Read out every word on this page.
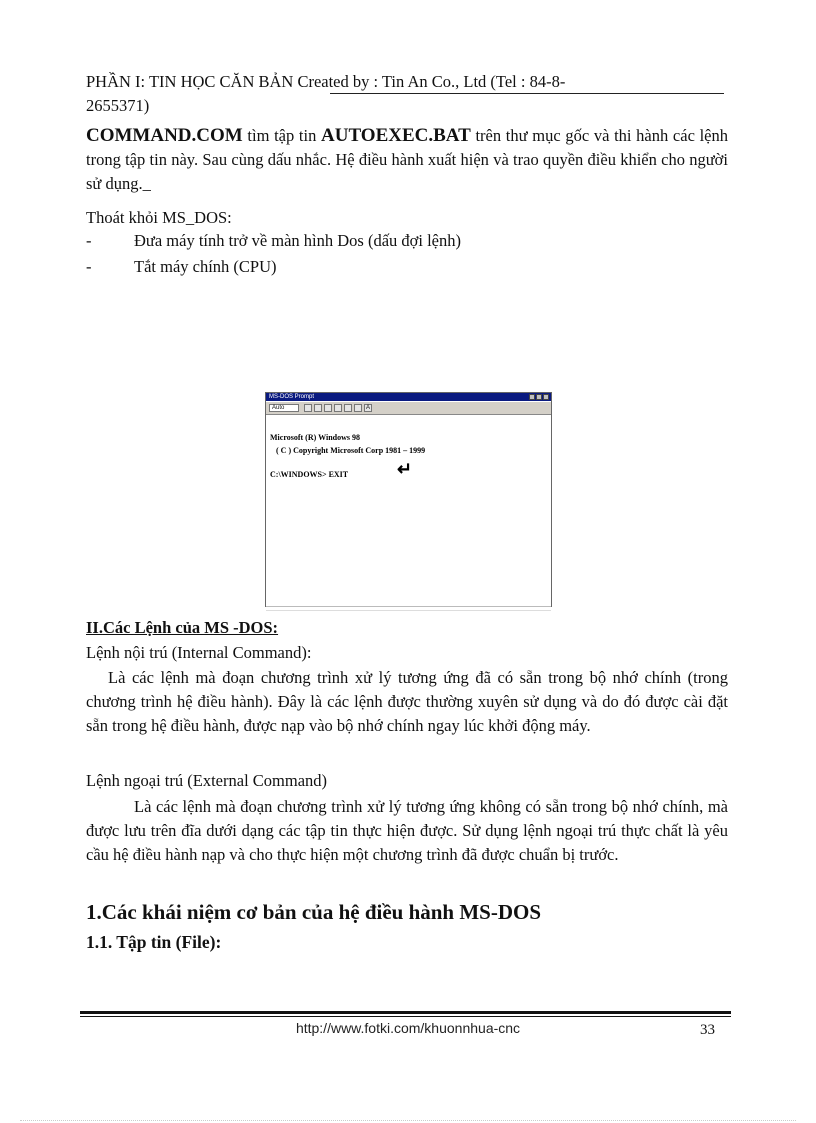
PHẦN I: TIN HỌC CĂN BẢN Created by : Tin An Co., Ltd (Tel : 84-8-
2655371)
COMMAND.COM tìm tập tin AUTOEXEC.BAT trên thư mục gốc và thi hành các lệnh trong tập tin này. Sau cùng dấu nhắc. Hệ điều hành xuất hiện và trao quyền điều khiển cho người sử dụng._
Thoát khỏi MS_DOS:
-	Đưa máy tính trở về màn hình Dos (dấu đợi lệnh)
-	Tắt máy chính (CPU)
MS-DOS Prompt
Auto	A
Microsoft (R) Windows 98
( C ) Copyright Microsoft Corp 1981 – 1999
C:\WINDOWS> EXIT	↵
II.Các Lệnh của MS -DOS:
Lệnh nội trú (Internal Command):
Là các lệnh mà đoạn chương trình xử lý tương ứng đã có sẵn trong bộ nhớ chính (trong chương trình hệ điều hành). Đây là các lệnh được thường xuyên sử dụng và do đó được cài đặt sẵn trong hệ điều hành, được nạp vào bộ nhớ chính ngay lúc khởi động máy.
Lệnh ngoại trú (External Command)
Là các lệnh mà đoạn chương trình xử lý tương ứng không có sẵn trong bộ nhớ chính, mà được lưu trên đĩa dưới dạng các tập tin thực hiện được. Sử dụng lệnh ngoại trú thực chất là yêu cầu hệ điều hành nạp và cho thực hiện một chương trình đã được chuẩn bị trước.
1.Các khái niệm cơ bản của hệ điều hành MS-DOS
1.1. Tập tin (File):
http://www.fotki.com/khuonnhua-cnc	33
